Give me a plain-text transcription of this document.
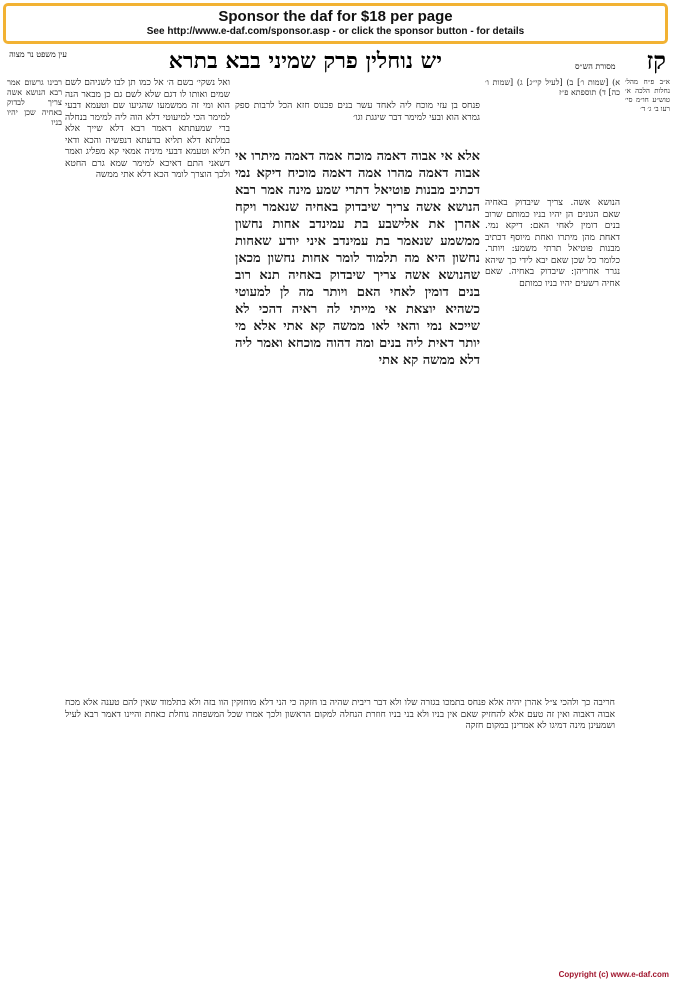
Sponsor the daf for $18 per page
See http://www.e-daf.com/sponsor.asp - or click the sponsor button - for details
קז
יש נוחלין פרק שמיני בבא בתרא
עין משפט נר מצוה
מסורת הש״ס
א) [שמות ו׳] ב) [לעיל קי״ג] ג) [שמות ו׳ כה] ד) תוספתא פ״ז
פנחס בן עזי מוכח ליה לאחד עשר בנים פכנוס חזא הכל לרבות ספק גמרא הוא ובעי למימר דבר שיגגת וגו׳
אלא אי אבוה דאמה מוכח אמה דאמה מיתרו אי אבוה דאמה מהרו אמה דאמה מוכיח דיקא נמי דכתיב מבנות פוטיאל דתרי שמע מינה אמר רבא הנושא אשה צריך שיבדוק באחיה שנאמר ויקח אהרן את אלישבע בת עמינדב אחות נחשון ממשמע שנאמר בת עמינדב איני יודע שאחות נחשון היא מה תלמוד לומר אחות נחשון מכאן שהנושא אשה צריך שיבדוק באחיה תנא רוב בנים דומין לאחי האם ויותר מה לן למעוטי כשהיא יוצאת אי מייתי לה ראיה דהכי לא שייכא נמי והאי לאו ממשה קא אתי אלא מי יותר דאית ליה בנים ומה דהוה מוכחא ואמר ליה דלא ממשה קא אתי
ואל נשקי׳ בשם ה׳ אל כמו תן לבו לשניהם לשם שמים ואותו לו דגם שלא לשם גם כן מבאר הנה הוא ומי זה ממשמעו שהגיעו שם וטעמא דבעי למימר הכי למיעוטי דלא הוה ליה למימר בנחלה ברי שמעתתא דאמר רבא דלא שייך אלא במלתא דלא תליא בדעתא דנפשיה והכא ודאי תליא וטעמא דבעי מיניה אמאי קא מפליג ואמר דשאני התם דאיכא למימר שמא גרם החטא ולכך הוצרך לומר הכא דלא אתי ממשה
הנושא אשה. צריך שיבדוק באחיה שאם הגונים הן יהיו בניו כמותם שרוב בנים דומין לאחי האם: דיקא נמי. דאחת מהן מיתרו ואחת מיוסף דכתיב מבנות פוטיאל תרתי משמע: ויותר. כלומר כל שכן שאם יבא לידי כך שיהא נגרר אחריהן: שיבדוק באחיה. שאם אחיה רשעים יהיו בניו כמותם
חריבה כך ולהכי צ״ל אהרן יהיה אלא פנחס בתמכו בגזרה שלו ולא דבר ריבית שהיה בו חזקה כי הני דלא מוחזקין הוו בזה ולא בתלמוד שאין להם טענה אלא מכח אבוה דאבוה ואין זה טעם אלא להחזיק שאם אין בניו ולא בני בניו חוזרת הנחלה למקום הראשון ולכך אמרו שכל המשפחה נוחלת כאחת והיינו דאמר רבא לעיל ושמעינן מינה דמיגו לא אמרינן במקום חזקה
א״ב פ״ח מהל׳ נחלות הלכה א׳ טוש״ע חו״מ סי׳ רעו ב׳ ג׳ ד׳
רבינו גרשום אמר רבא הנושא אשה צריך לבדוק באחיה שכן יהיו בניו
Copyright (c) www.e-daf.com
